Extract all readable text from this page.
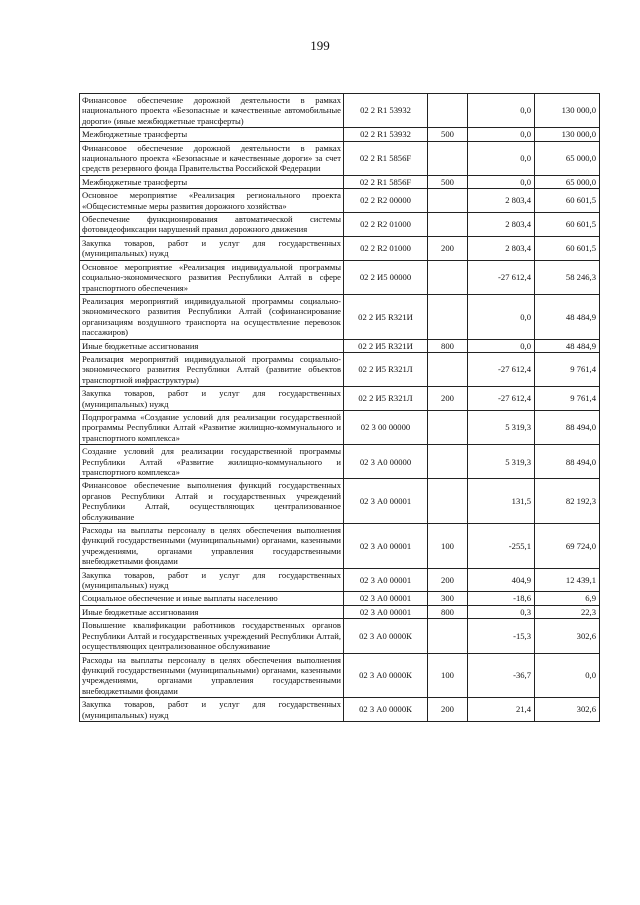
199
Финансовое обеспечение дорожной деятельности в рамках национального проекта «Безопасные и качественные автомобильные дороги» (иные межбюджетные трансферты)	02 2 R1 53932		0,0	130 000,0
Межбюджетные трансферты	02 2 R1 53932	500	0,0	130 000,0
Финансовое обеспечение дорожной деятельности в рамках национального проекта «Безопасные и качественные дороги» за счет средств резервного фонда Правительства Российской Федерации	02 2 R1 5856F		0,0	65 000,0
Межбюджетные трансферты	02 2 R1 5856F	500	0,0	65 000,0
Основное мероприятие «Реализация регионального проекта «Общесистемные меры развития дорожного хозяйства»	02 2 R2 00000		2 803,4	60 601,5
Обеспечение функционирования автоматической системы фотовидеофиксации нарушений правил дорожного движения	02 2 R2 01000		2 803,4	60 601,5
Закупка товаров, работ и услуг для государственных (муниципальных) нужд	02 2 R2 01000	200	2 803,4	60 601,5
Основное мероприятие «Реализация индивидуальной программы социально-экономического развития Республики Алтай в сфере транспортного обеспечения»	02 2 И5 00000		-27 612,4	58 246,3
Реализация мероприятий индивидуальной программы социально-экономического развития Республики Алтай (софинансирование организациям воздушного транспорта на осуществление перевозок пассажиров)	02 2 И5 R321И		0,0	48 484,9
Иные бюджетные ассигнования	02 2 И5 R321И	800	0,0	48 484,9
Реализация мероприятий индивидуальной программы социально-экономического развития Республики Алтай (развитие объектов транспортной инфраструктуры)	02 2 И5 R321Л		-27 612,4	9 761,4
Закупка товаров, работ и услуг для государственных (муниципальных) нужд	02 2 И5 R321Л	200	-27 612,4	9 761,4
Подпрограмма «Создание условий для реализации государственной программы Республики Алтай «Развитие жилищно-коммунального и транспортного комплекса»	02 3 00 00000		5 319,3	88 494,0
Создание условий для реализации государственной программы Республики Алтай «Развитие жилищно-коммунального и транспортного комплекса»	02 3 А0 00000		5 319,3	88 494,0
Финансовое обеспечение выполнения функций государственных органов Республики Алтай и государственных учреждений Республики Алтай, осуществляющих централизованное обслуживание	02 3 А0 00001		131,5	82 192,3
Расходы на выплаты персоналу в целях обеспечения выполнения функций государственными (муниципальными) органами, казенными учреждениями, органами управления государственными внебюджетными фондами	02 3 А0 00001	100	-255,1	69 724,0
Закупка товаров, работ и услуг для государственных (муниципальных) нужд	02 3 А0 00001	200	404,9	12 439,1
Социальное обеспечение и иные выплаты населению	02 3 А0 00001	300	-18,6	6,9
Иные бюджетные ассигнования	02 3 А0 00001	800	0,3	22,3
Повышение квалификации работников государственных органов Республики Алтай и государственных учреждений Республики Алтай, осуществляющих централизованное обслуживание	02 3 А0 0000К		-15,3	302,6
Расходы на выплаты персоналу в целях обеспечения выполнения функций государственными (муниципальными) органами, казенными учреждениями, органами управления государственными внебюджетными фондами	02 3 А0 0000К	100	-36,7	0,0
Закупка товаров, работ и услуг для государственных (муниципальных) нужд	02 3 А0 0000К	200	21,4	302,6
